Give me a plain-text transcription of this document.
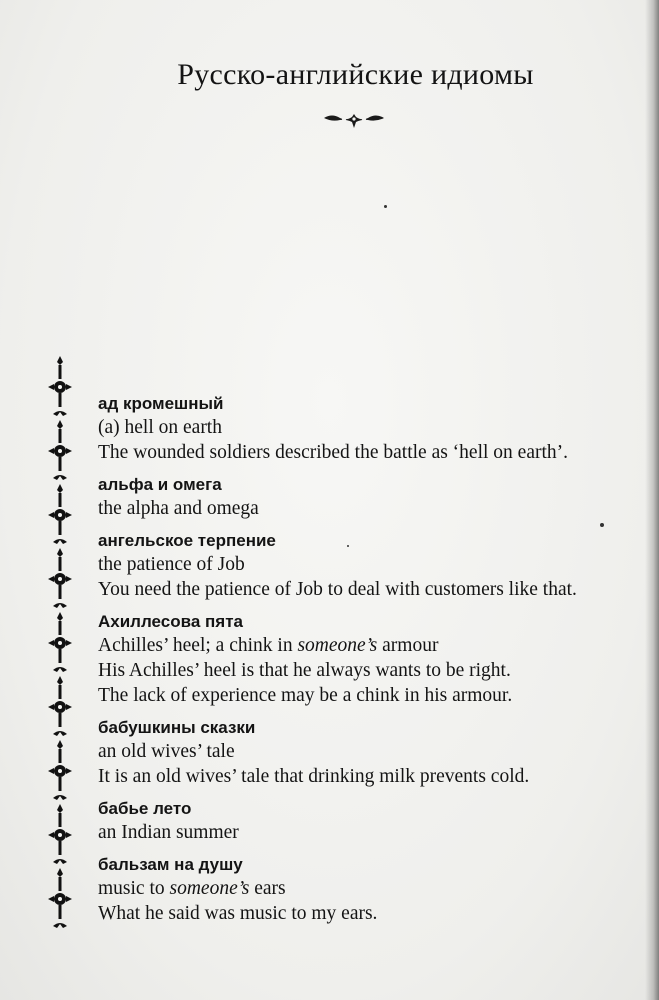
Русско-английские идиомы
ад кромешный
(a) hell on earth
The wounded soldiers described the battle as ‘hell on earth’.
альфа и омега
the alpha and omega
ангельское терпение
the patience of Job
You need the patience of Job to deal with customers like that.
Ахиллесова пята
Achilles’ heel; a chink in someone’s armour
His Achilles’ heel is that he always wants to be right.
The lack of experience may be a chink in his armour.
бабушкины сказки
an old wives’ tale
It is an old wives’ tale that drinking milk prevents cold.
бабье лето
an Indian summer
бальзам на душу
music to someone’s ears
What he said was music to my ears.
